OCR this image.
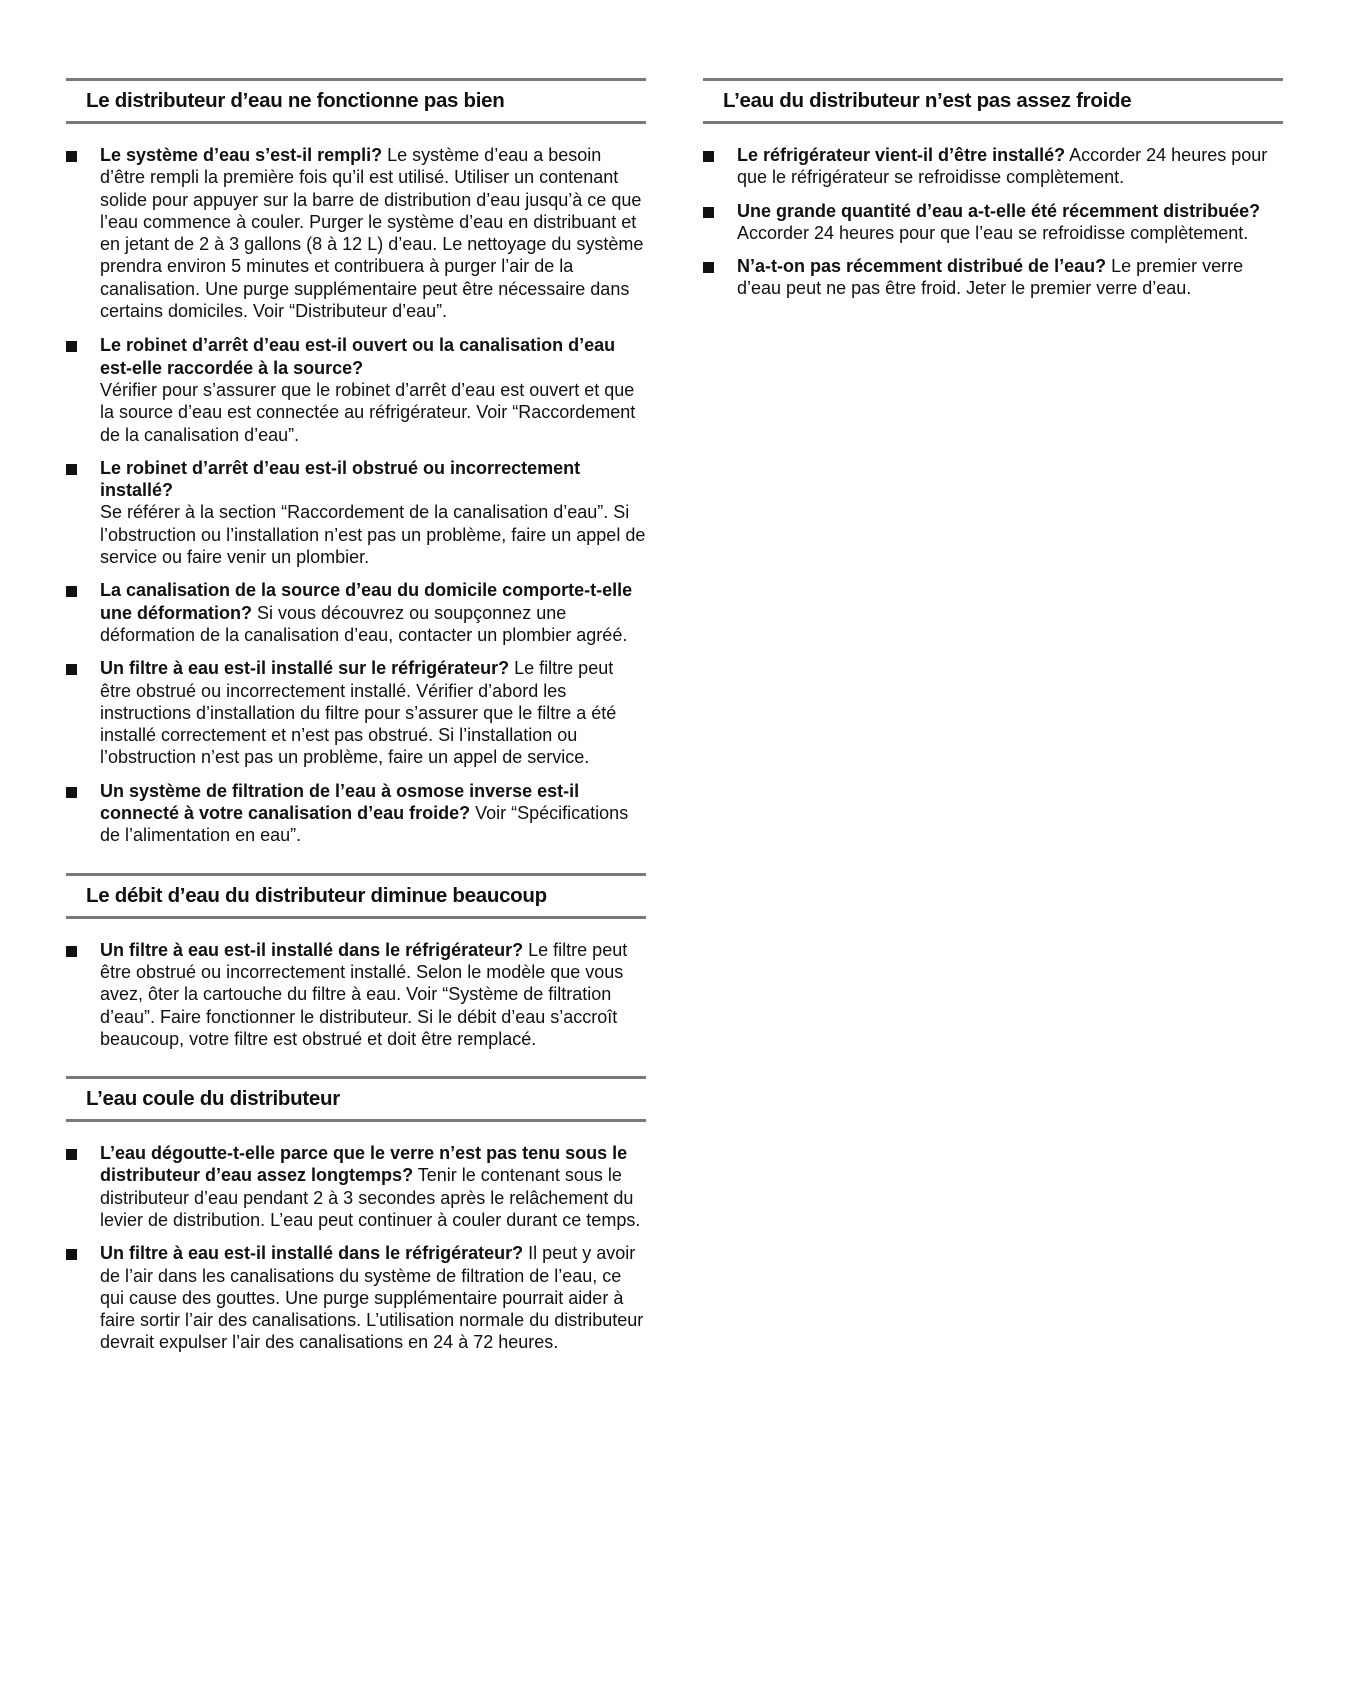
Le distributeur d’eau ne fonctionne pas bien
Le système d’eau s’est-il rempli? Le système d’eau a besoin d’être rempli la première fois qu’il est utilisé. Utiliser un contenant solide pour appuyer sur la barre de distribution d’eau jusqu’à ce que l’eau commence à couler. Purger le système d’eau en distribuant et en jetant de 2 à 3 gallons (8 à 12 L) d’eau. Le nettoyage du système prendra environ 5 minutes et contribuera à purger l’air de la canalisation. Une purge supplémentaire peut être nécessaire dans certains domiciles. Voir “Distributeur d’eau”.
Le robinet d’arrêt d’eau est-il ouvert ou la canalisation d’eau est-elle raccordée à la source?
Vérifier pour s’assurer que le robinet d’arrêt d’eau est ouvert et que la source d’eau est connectée au réfrigérateur. Voir “Raccordement de la canalisation d’eau”.
Le robinet d’arrêt d’eau est-il obstrué ou incorrectement installé?
Se référer à la section “Raccordement de la canalisation d’eau”. Si l’obstruction ou l’installation n’est pas un problème, faire un appel de service ou faire venir un plombier.
La canalisation de la source d’eau du domicile comporte-t-elle une déformation? Si vous découvrez ou soupçonnez une déformation de la canalisation d’eau, contacter un plombier agréé.
Un filtre à eau est-il installé sur le réfrigérateur? Le filtre peut être obstrué ou incorrectement installé. Vérifier d’abord les instructions d’installation du filtre pour s’assurer que le filtre a été installé correctement et n’est pas obstrué. Si l’installation ou l’obstruction n’est pas un problème, faire un appel de service.
Un système de filtration de l’eau à osmose inverse est-il connecté à votre canalisation d’eau froide? Voir “Spécifications de l’alimentation en eau”.
Le débit d’eau du distributeur diminue beaucoup
Un filtre à eau est-il installé dans le réfrigérateur? Le filtre peut être obstrué ou incorrectement installé. Selon le modèle que vous avez, ôter la cartouche du filtre à eau. Voir “Système de filtration d’eau”. Faire fonctionner le distributeur. Si le débit d’eau s’accroît beaucoup, votre filtre est obstrué et doit être remplacé.
L’eau coule du distributeur
L’eau dégoutte-t-elle parce que le verre n’est pas tenu sous le distributeur d’eau assez longtemps? Tenir le contenant sous le distributeur d’eau pendant 2 à 3 secondes après le relâchement du levier de distribution. L’eau peut continuer à couler durant ce temps.
Un filtre à eau est-il installé dans le réfrigérateur? Il peut y avoir de l’air dans les canalisations du système de filtration de l’eau, ce qui cause des gouttes. Une purge supplémentaire pourrait aider à faire sortir l’air des canalisations. L’utilisation normale du distributeur devrait expulser l’air des canalisations en 24 à 72 heures.
L’eau du distributeur n’est pas assez froide
Le réfrigérateur vient-il d’être installé? Accorder 24 heures pour que le réfrigérateur se refroidisse complètement.
Une grande quantité d’eau a-t-elle été récemment distribuée? Accorder 24 heures pour que l’eau se refroidisse complètement.
N’a-t-on pas récemment distribué de l’eau? Le premier verre d’eau peut ne pas être froid. Jeter le premier verre d’eau.
